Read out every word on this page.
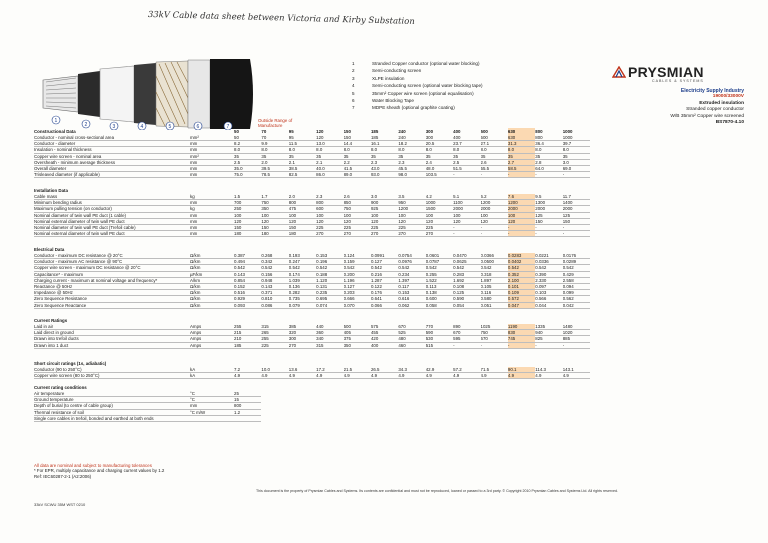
33kV Cable data sheet between Victoria and Kirby Substation
1
2	3	4	5	6	7
1	Stranded Copper conductor (optional water blocking)
2	Semi-conducting screen
3	XLPE insulation
4	Semi-conducting screen (optional water blocking tape)
5	35mm² Copper wire screen (optional equalisation)
6	Water Blocking Tape
7	MDPE sheath (optional graphite coating)
PRYSMIAN
CABLES & SYSTEMS
Electricity Supply Industry
19000/33000V
Extruded insulation
Stranded copper conductor
W/B 35mm² Copper wire screened
BS7870-4.10
Outside Range of Manufacture
Constructional Data		50	70	95	120	150	185	240	300	400	500	630	800	1000
Conductor - nominal cross-sectional area	mm²	50	70	95	120	150	185	240	300	400	500	630	800	1000
Conductor - diameter	mm	8.2	9.9	11.5	13.0	14.4	16.1	18.2	20.5	23.7	27.1	31.3	36.4	39.7
Insulation - nominal thickness	mm	8.0	8.0	8.0	8.0	8.0	8.0	8.0	8.0	8.0	8.0	8.0	8.0	8.0
Copper wire screen - nominal area	mm²	35	35	35	35	35	35	35	35	35	35	35	35	35
Oversheath - minimum average thickness	mm	2.5	2.0	2.1	2.1	2.2	2.3	2.3	2.4	2.5	2.6	2.7	2.8	3.0
Overall diameter	mm	35.0	39.5	38.5	40.0	41.5	43.0	45.5	48.0	51.5	55.5	58.5	64.0	69.0
Trisleaved diameter (if applicable)	mm	75.0	78.5	82.5	86.0	89.0	93.0	98.0	103.5	-	-	-	-	-
Installation Data														
Cable mass	kg	1.5	1.7	2.0	2.3	2.6	3.0	3.5	4.2	5.1	6.2	7.6	9.5	11.7
Minimum bending radius	mm	700	750	800	800	850	900	950	1000	1100	1200	1200	1300	1400
Maximum pulling tension (on conductor)	kg	250	350	475	600	750	925	1200	1500	2000	2000	2000	2000	2000
Nominal diameter of twin wall PE duct (1 cable)	mm	100	100	100	100	100	100	100	100	100	100	100	125	125
Nominal external diameter of twin wall PE duct	mm	120	120	120	120	120	120	120	120	120	120	120	150	150
Nominal diameter of twin wall PE duct (Trefoil cable)	mm	150	150	150	225	225	225	225	225	-	-	-	-	-
Nominal external diameter of twin wall PE duct	mm	180	180	180	270	270	270	270	270	-	-	-	-	-
Electrical Data														
Conductor - maximum DC resistance @ 20°C	Ω/km	0.387	0.268	0.193	0.153	0.124	0.0991	0.0754	0.0601	0.0470	0.0366	0.0283	0.0221	0.0176
Conductor - maximum AC resistance @ 90°C	Ω/km	0.494	0.342	0.247	0.196	0.159	0.127	0.0976	0.0787	0.0625	0.0500	0.0402	0.0336	0.0289
Copper wire screen - maximum DC resistance @ 20°C	Ω/km	0.542	0.542	0.542	0.542	0.542	0.542	0.542	0.542	0.542	0.542	0.542	0.542	0.542
Capacitance* - maximum	µF/km	0.143	0.156	0.174	0.188	0.200	0.216	0.234	0.255	0.283	0.318	0.352	0.390	0.429
Charging current - maximum at nominal voltage and frequency*	A/km	0.854	0.948	1.039	1.120	1.196	1.287	1.397	1.522	1.692	1.897	2.100	2.330	2.558
Reactance @ 50Hz	Ω/km	0.152	0.143	0.136	0.131	0.127	0.122	0.117	0.113	0.108	0.105	0.101	0.097	0.094
Impedance @ 50Hz	Ω/km	0.516	0.371	0.282	0.235	0.203	0.176	0.153	0.138	0.125	0.116	0.109	0.103	0.099
Zero Sequence Resistance	Ω/km	0.929	0.810	0.735	0.695	0.666	0.641	0.616	0.600	0.590	0.580	0.572	0.566	0.562
Zero Sequence Reactance	Ω/km	0.093	0.086	0.079	0.074	0.070	0.066	0.062	0.058	0.054	0.051	0.047	0.044	0.042
Current Ratings														
Laid in air	Amps	255	315	385	440	500	575	670	770	890	1025	1190	1335	1480
Laid direct in ground	Amps	215	265	320	360	405	455	525	590	670	750	830	940	1020
Drawn into trefoil ducts	Amps	210	255	300	340	375	420	480	530	595	670	745	825	885
Drawn into 1 duct	Amps	185	225	270	315	350	400	460	515	-	-	-	-	-
Short circuit ratings (1s, adiabatic)														
Conductor (90 to 250°C)	kA	7.2	10.0	13.6	17.2	21.5	26.5	34.3	42.9	57.2	71.5	90.1	114.3	143.1
Copper wire screen (80 to 250°C)	kA	4.9	4.9	4.9	4.9	4.9	4.9	4.9	4.9	4.9	4.9	4.9	4.9	4.9
Current rating conditions		
Air temperature	°C	25
Ground temperature	°C	15
Depth of burial (to centre of cable group)	mm	800
Thermal resistance of soil	°C m/W	1.2
Single core cables in trefoil, bonded and earthed at both ends		
All data are nominal and subject to manufacturing tolerances
* For EPR, multiply capacitance and charging current values by 1.2
Ref: IEC60287-2-1 (A2:2006)
This document is the property of Prysmian Cables and Systems. Its contents are confidential and must not be reproduced, loaned or passed to a 3rd party. © Copyright 2010 Prysmian Cables and Systems Ltd. All rights reserved.
33kV SCWU 35M WST 0210
